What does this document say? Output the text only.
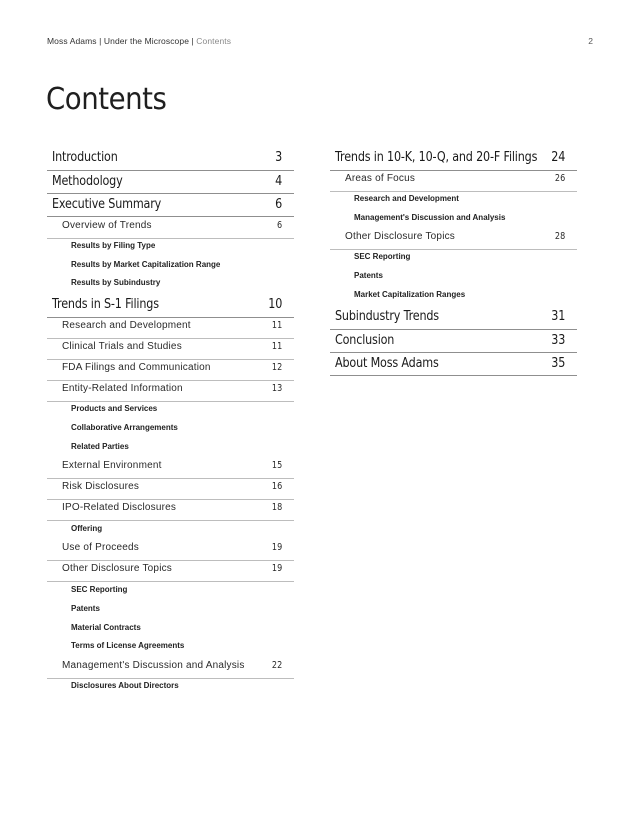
Moss Adams | Under the Microscope | Contents	2
Contents
Introduction	3
Methodology	4
Executive Summary	6
Overview of Trends	6
Results by Filing Type
Results by Market Capitalization Range
Results by Subindustry
Trends in S-1 Filings	10
Research and Development	11
Clinical Trials and Studies	11
FDA Filings and Communication	12
Entity-Related Information	13
Products and Services
Collaborative Arrangements
Related Parties
External Environment	15
Risk Disclosures	16
IPO-Related Disclosures	18
Offering
Use of Proceeds	19
Other Disclosure Topics	19
SEC Reporting
Patents
Material Contracts
Terms of License Agreements
Management's Discussion and Analysis	22
Disclosures About Directors
Trends in 10-K, 10-Q, and 20-F Filings 24
Areas of Focus	26
Research and Development
Management's Discussion and Analysis
Other Disclosure Topics	28
SEC Reporting
Patents
Market Capitalization Ranges
Subindustry Trends	31
Conclusion	33
About Moss Adams	35
